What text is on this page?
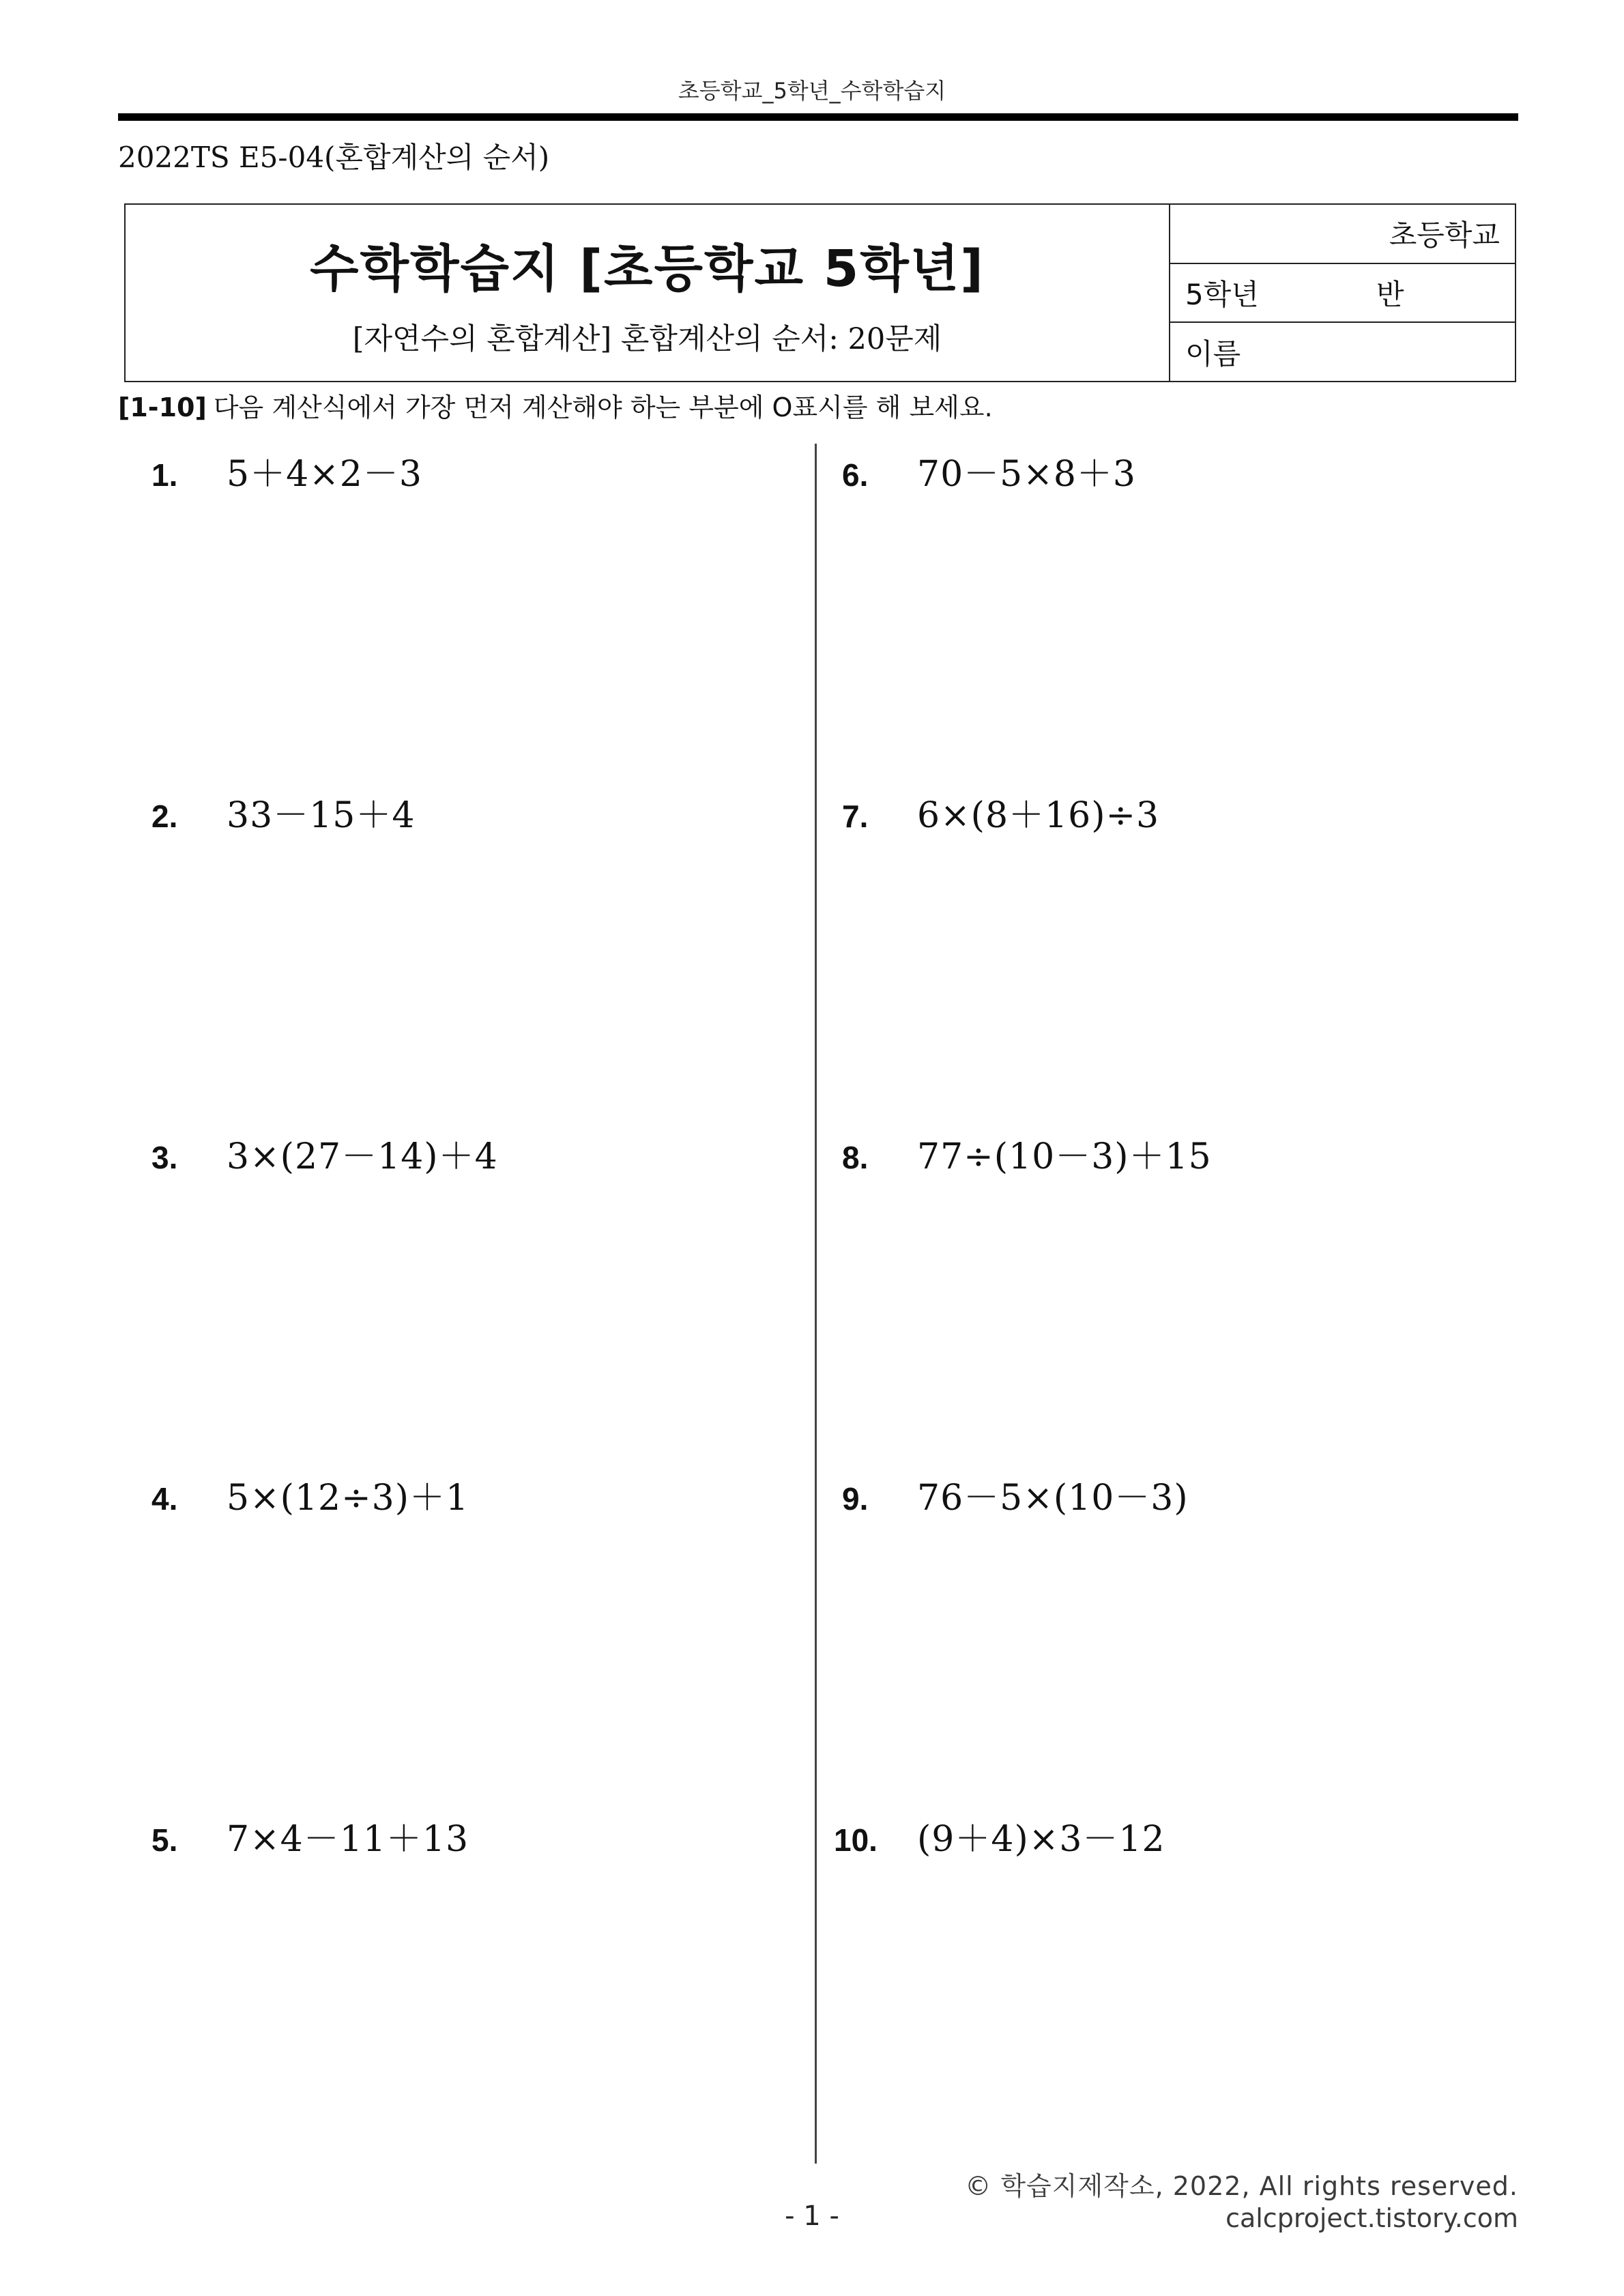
초등학교_5학년_수학학습지
2022TS E5-04(혼합계산의 순서)
수학학습지 [초등학교 5학년]
[자연수의 혼합계산] 혼합계산의 순서: 20문제
초등학교
5학년	반
이름
[1-10] 다음 계산식에서 가장 먼저 계산해야 하는 부분에 O표시를 해 보세요.
1.	5＋4×2－3
2.	33－15＋4
3.	3×(27－14)＋4
4.	5×(12÷3)＋1
5.	7×4－11＋13
6.	70－5×8＋3
7.	6×(8＋16)÷3
8.	77÷(10－3)＋15
9.	76－5×(10－3)
10.	(9＋4)×3－12
© 학습지제작소, 2022, All rights reserved.
calcproject.tistory.com
- 1 -
